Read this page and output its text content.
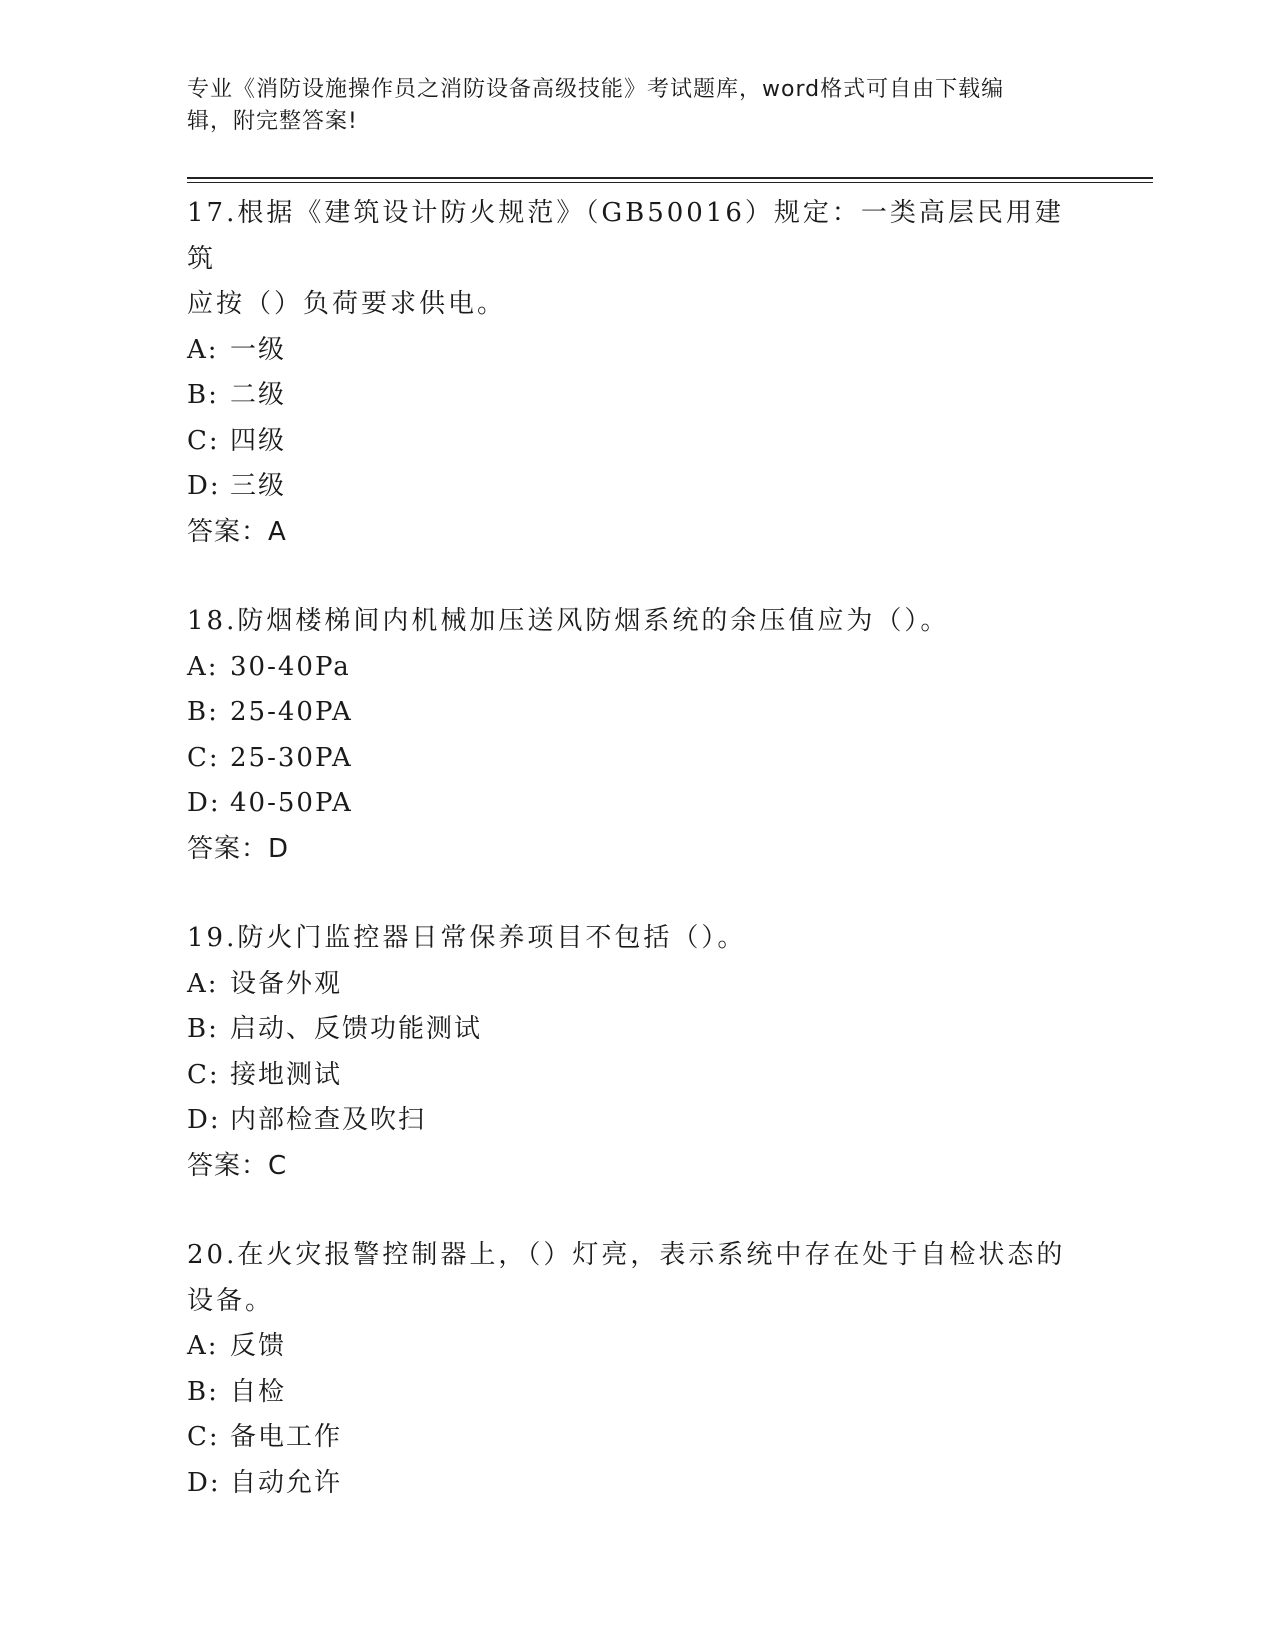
专业《消防设施操作员之消防设备高级技能》考试题库，word格式可自由下载编
辑，附完整答案!
17.根据《建筑设计防火规范》（GB50016）规定：一类高层民用建筑
应按（）负荷要求供电。
A: 一级
B: 二级
C: 四级
D: 三级
答案：A
18.防烟楼梯间内机械加压送风防烟系统的余压值应为（）。
A: 30-40Pa
B: 25-40PA
C: 25-30PA
D: 40-50PA
答案：D
19.防火门监控器日常保养项目不包括（）。
A: 设备外观
B: 启动、反馈功能测试
C: 接地测试
D: 内部检查及吹扫
答案：C
20.在火灾报警控制器上，（）灯亮，表示系统中存在处于自检状态的
设备。
A: 反馈
B: 自检
C: 备电工作
D: 自动允许
